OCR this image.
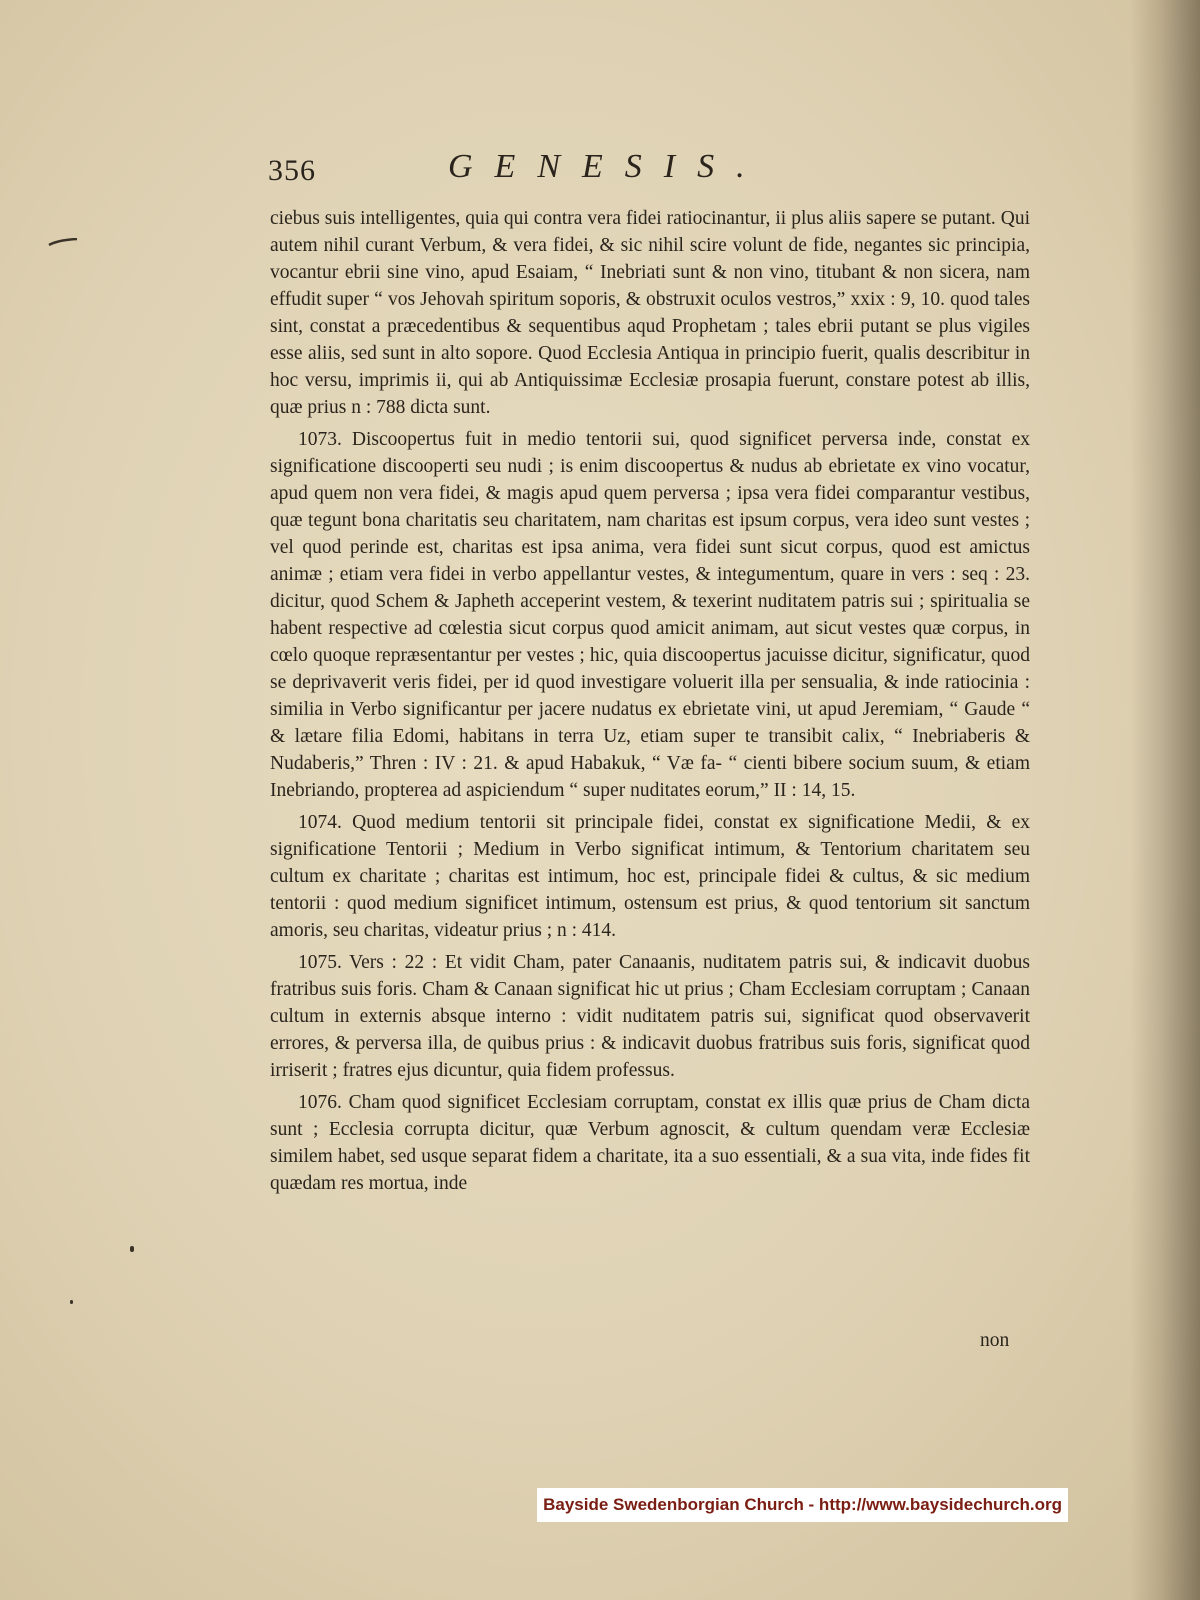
356	GENESIS.

ciebus suis intelligentes, quia qui contra vera fidei ratiocinantur, ii plus aliis sapere se putant. Qui autem nihil curant Verbum, & vera fidei, & sic nihil scire volunt de fide, negantes sic principia, vocantur ebrii sine vino, apud Esaiam, “ Inebriati sunt & non vino, titubant & non sicera, nam effudit super “ vos Jehovah spiritum soporis, & obstruxit oculos vestros,” xxix : 9, 10. quod tales sint, constat a præcedentibus & sequentibus aqud Prophetam ; tales ebrii putant se plus vigiles esse aliis, sed sunt in alto sopore. Quod Ecclesia Antiqua in principio fuerit, qualis describitur in hoc versu, imprimis ii, qui ab Antiquissimæ Ecclesiæ prosapia fuerunt, constare potest ab illis, quæ prius n : 788 dicta sunt.

1073. Discoopertus fuit in medio tentorii sui, quod significet perversa inde, constat ex significatione discooperti seu nudi ; is enim discoopertus & nudus ab ebrietate ex vino vocatur, apud quem non vera fidei, & magis apud quem perversa ; ipsa vera fidei comparantur vestibus, quæ tegunt bona charitatis seu charitatem, nam charitas est ipsum corpus, vera ideo sunt vestes ; vel quod perinde est, charitas est ipsa anima, vera fidei sunt sicut corpus, quod est amictus animæ ; etiam vera fidei in verbo appellantur vestes, & integumentum, quare in vers : seq : 23. dicitur, quod Schem & Japheth acceperint vestem, & texerint nuditatem patris sui ; spiritualia se habent respective ad cœlestia sicut corpus quod amicit animam, aut sicut vestes quæ corpus, in cœlo quoque repræsentantur per vestes ; hic, quia discoopertus jacuisse dicitur, significatur, quod se deprivaverit veris fidei, per id quod investigare voluerit illa per sensualia, & inde ratiocinia : similia in Verbo significantur per jacere nudatus ex ebrietate vini, ut apud Jeremiam, “ Gaude “ & lætare filia Edomi, habitans in terra Uz, etiam super te transibit calix, “ Inebriaberis & Nudaberis,” Thren : IV : 21. & apud Habakuk, “ Væ fa- “ cienti bibere socium suum, & etiam Inebriando, propterea ad aspiciendum “ super nuditates eorum,” II : 14, 15.

1074. Quod medium tentorii sit principale fidei, constat ex significatione Medii, & ex significatione Tentorii ; Medium in Verbo significat intimum, & Tentorium charitatem seu cultum ex charitate ; charitas est intimum, hoc est, principale fidei & cultus, & sic medium tentorii : quod medium significet intimum, ostensum est prius, & quod tentorium sit sanctum amoris, seu charitas, videatur prius ; n : 414.

1075. Vers : 22 : Et vidit Cham, pater Canaanis, nuditatem patris sui, & indicavit duobus fratribus suis foris. Cham & Canaan significat hic ut prius ; Cham Ecclesiam corruptam ; Canaan cultum in externis absque interno : vidit nuditatem patris sui, significat quod observaverit errores, & perversa illa, de quibus prius : & indicavit duobus fratribus suis foris, significat quod irriserit ; fratres ejus dicuntur, quia fidem professus.

1076. Cham quod significet Ecclesiam corruptam, constat ex illis quæ prius de Cham dicta sunt ; Ecclesia corrupta dicitur, quæ Verbum agnoscit, & cultum quendam veræ Ecclesiæ similem habet, sed usque separat fidem a charitate, ita a suo essentiali, & a sua vita, inde fides fit quædam res mortua, inde

non
Bayside Swedenborgian Church - http://www.baysidechurch.org
